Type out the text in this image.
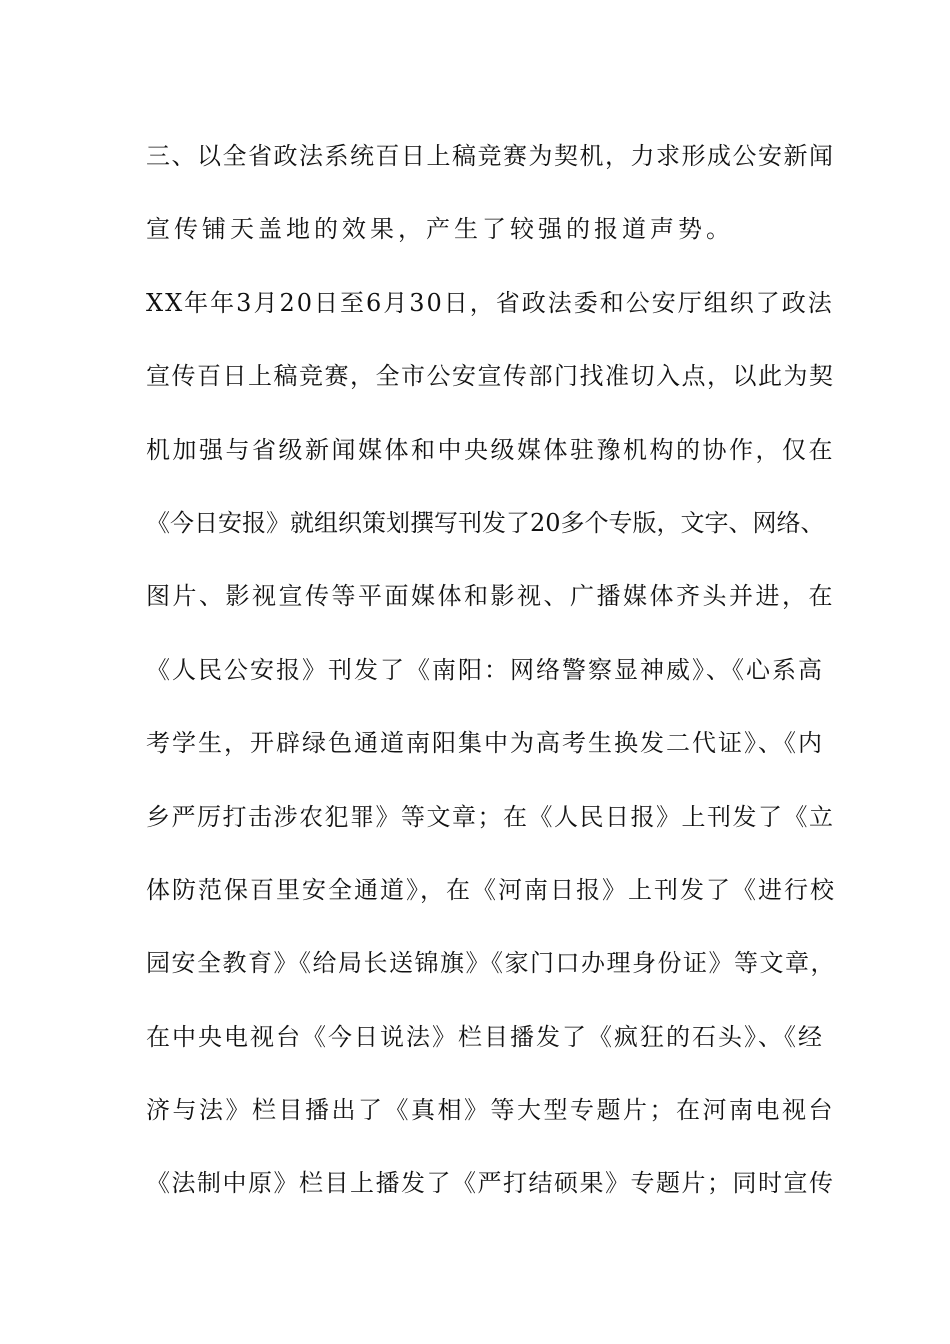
三、以全省政法系统百日上稿竞赛为契机，力求形成公安新闻
宣传铺天盖地的效果，产生了较强的报道声势。
XX年年3月20日至6月30日，省政法委和公安厅组织了政法
宣传百日上稿竞赛，全市公安宣传部门找准切入点，以此为契
机加强与省级新闻媒体和中央级媒体驻豫机构的协作，仅在
《今日安报》就组织策划撰写刊发了20多个专版，文字、网络、
图片、影视宣传等平面媒体和影视、广播媒体齐头并进，在
《人民公安报》刊发了《南阳：网络警察显神威》、《心系高
考学生，开辟绿色通道南阳集中为高考生换发二代证》、《内
乡严厉打击涉农犯罪》等文章；在《人民日报》上刊发了《立
体防范保百里安全通道》，在《河南日报》上刊发了《进行校
园安全教育》《给局长送锦旗》《家门口办理身份证》等文章，
在中央电视台《今日说法》栏目播发了《疯狂的石头》、《经
济与法》栏目播出了《真相》等大型专题片；在河南电视台
《法制中原》栏目上播发了《严打结硕果》专题片；同时宣传
